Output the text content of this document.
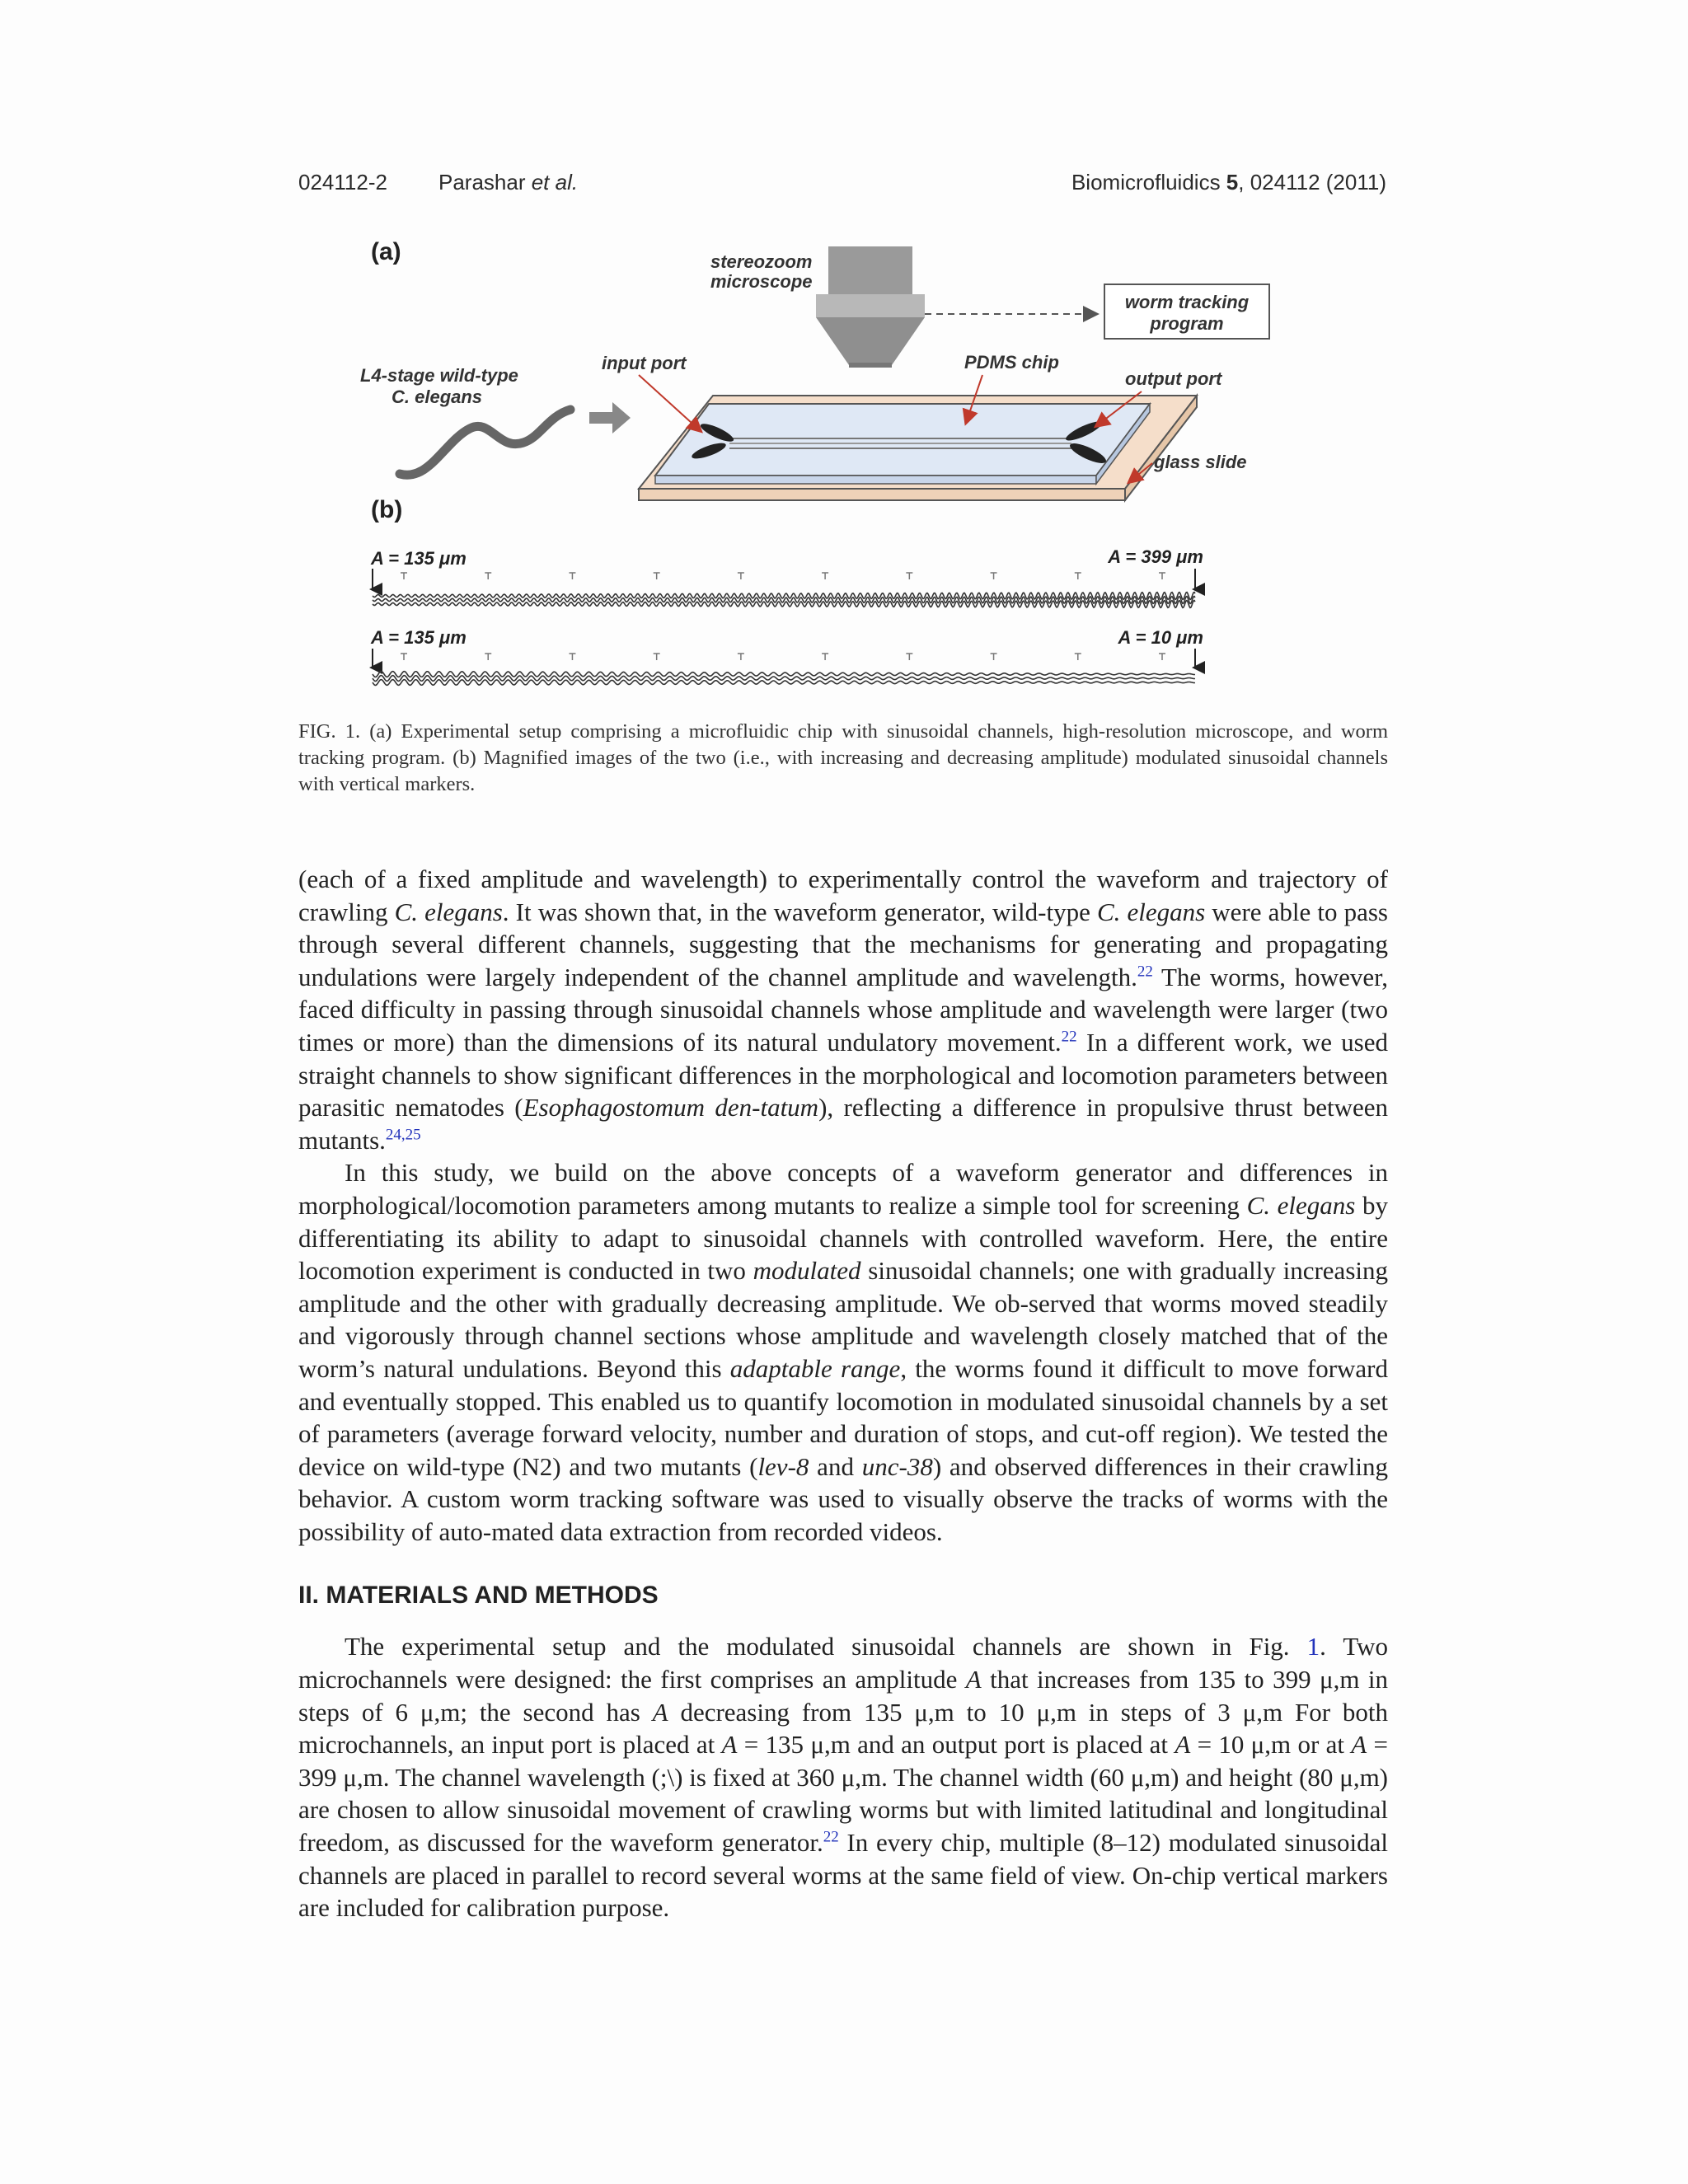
024112-2 Parashar et al.	Biomicrofluidics 5, 024112 (2011)
(a)
(b)
stereozoom
microscope
worm tracking
program
L4-stage wild-type
C. elegans
input port	PDMS chip
output port
glass slide
A = 135 μm	A = 399 μm
A = 135 μm	A = 10 μm
FIG. 1. (a) Experimental setup comprising a microfluidic chip with sinusoidal channels, high-resolution microscope, and worm tracking program. (b) Magnified images of the two (i.e., with increasing and decreasing amplitude) modulated sinusoidal channels with vertical markers.

(each of a fixed amplitude and wavelength) to experimentally control the waveform and trajectory of crawling C. elegans. It was shown that, in the waveform generator, wild-type C. elegans were able to pass through several different channels, suggesting that the mechanisms for generating and propagating undulations were largely independent of the channel amplitude and wavelength.$^{22}$ The worms, however, faced difficulty in passing through sinusoidal channels whose amplitude and wavelength were larger (two times or more) than the dimensions of its natural undulatory movement.$^{22}$ In a different work, we used straight channels to show significant differences in the morphological and locomotion parameters between parasitic nematodes (Esophagostomum den-tatum), reflecting a difference in propulsive thrust between mutants.$^{24,25}$

In this study, we build on the above concepts of a waveform generator and differences in morphological/locomotion parameters among mutants to realize a simple tool for screening C. elegans by differentiating its ability to adapt to sinusoidal channels with controlled waveform. Here, the entire locomotion experiment is conducted in two modulated sinusoidal channels; one with gradually increasing amplitude and the other with gradually decreasing amplitude. We ob-served that worms moved steadily and vigorously through channel sections whose amplitude and wavelength closely matched that of the worm’s natural undulations. Beyond this adaptable range, the worms found it difficult to move forward and eventually stopped. This enabled us to quantify locomotion in modulated sinusoidal channels by a set of parameters (average forward velocity, number and duration of stops, and cut-off region). We tested the device on wild-type (N2) and two mutants (lev-8 and unc-38) and observed differences in their crawling behavior. A custom worm tracking software was used to visually observe the tracks of worms with the possibility of auto-mated data extraction from recorded videos.

II. MATERIALS AND METHODS

The experimental setup and the modulated sinusoidal channels are shown in Fig. 1. Two microchannels were designed: the first comprises an amplitude A that increases from 135 to 399 μ,m in steps of 6 μ,m; the second has A decreasing from 135 μ,m to 10 μ,m in steps of 3 μ,m For both microchannels, an input port is placed at A = 135 μ,m and an output port is placed at A = 10 μ,m or at A = 399 μ,m. The channel wavelength (;\) is fixed at 360 μ,m. The channel width (60 μ,m) and height (80 μ,m) are chosen to allow sinusoidal movement of crawling worms but with limited latitudinal and longitudinal freedom, as discussed for the waveform generator.$^{22}$ In every chip, multiple (8–12) modulated sinusoidal channels are placed in parallel to record several worms at the same field of view. On-chip vertical markers are included for calibration purpose.
